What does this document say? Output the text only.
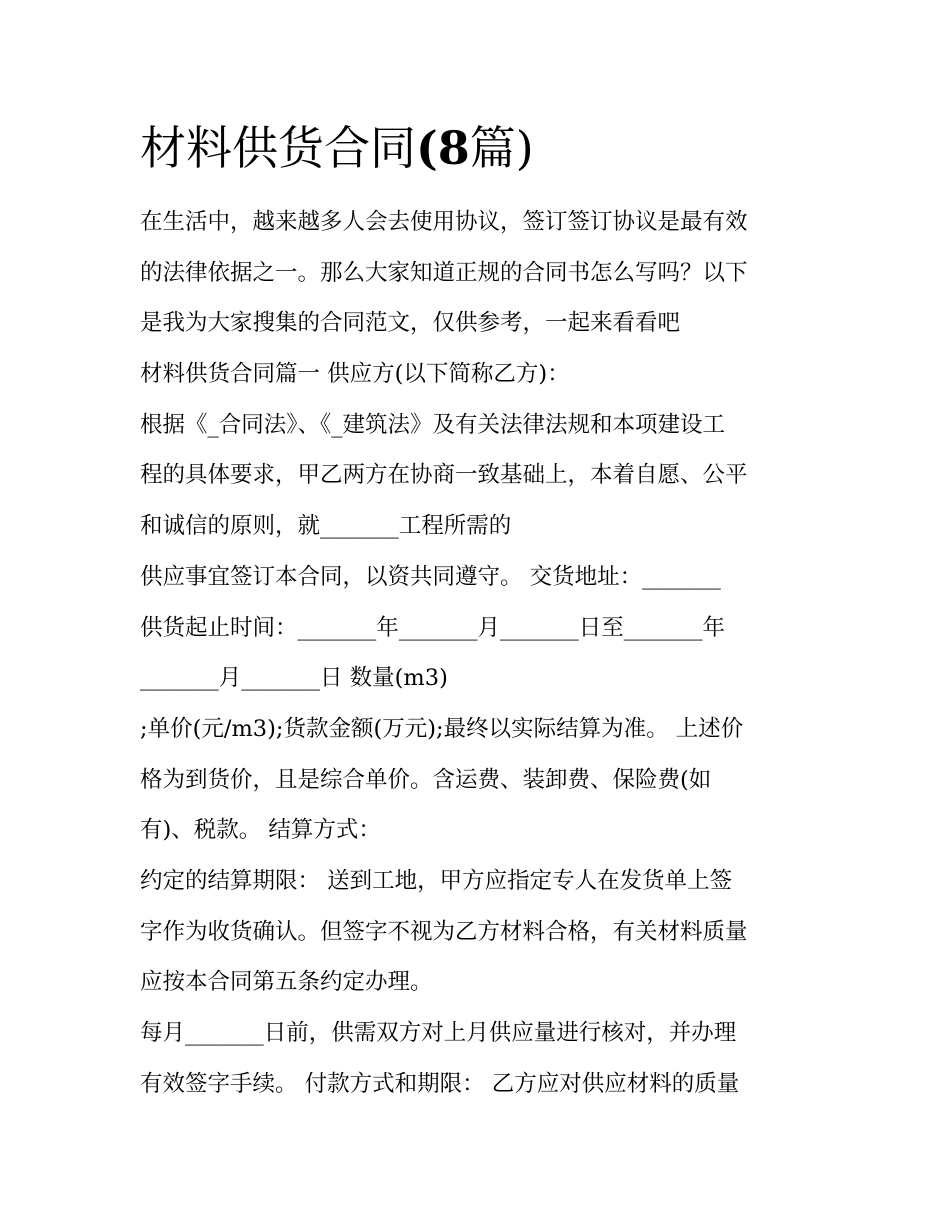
材料供货合同(8篇)

在生活中，越来越多人会去使用协议，签订签订协议是最有效

的法律依据之一。那么大家知道正规的合同书怎么写吗？以下

是我为大家搜集的合同范文，仅供参考，一起来看看吧

材料供货合同篇一 供应方(以下简称乙方)：

根据《_合同法》、《_建筑法》及有关法律法规和本项建设工

程的具体要求，甲乙两方在协商一致基础上，本着自愿、公平

和诚信的原则，就_______工程所需的

供应事宜签订本合同，以资共同遵守。 交货地址：_______

供货起止时间：_______年_______月_______日至_______年

_______月_______日 数量(m3)

;单价(元/m3);货款金额(万元);最终以实际结算为准。 上述价

格为到货价，且是综合单价。含运费、装卸费、保险费(如

有)、税款。 结算方式：

约定的结算期限： 送到工地，甲方应指定专人在发货单上签

字作为收货确认。但签字不视为乙方材料合格，有关材料质量

应按本合同第五条约定办理。

每月_______日前，供需双方对上月供应量进行核对，并办理

有效签字手续。 付款方式和期限： 乙方应对供应材料的质量
